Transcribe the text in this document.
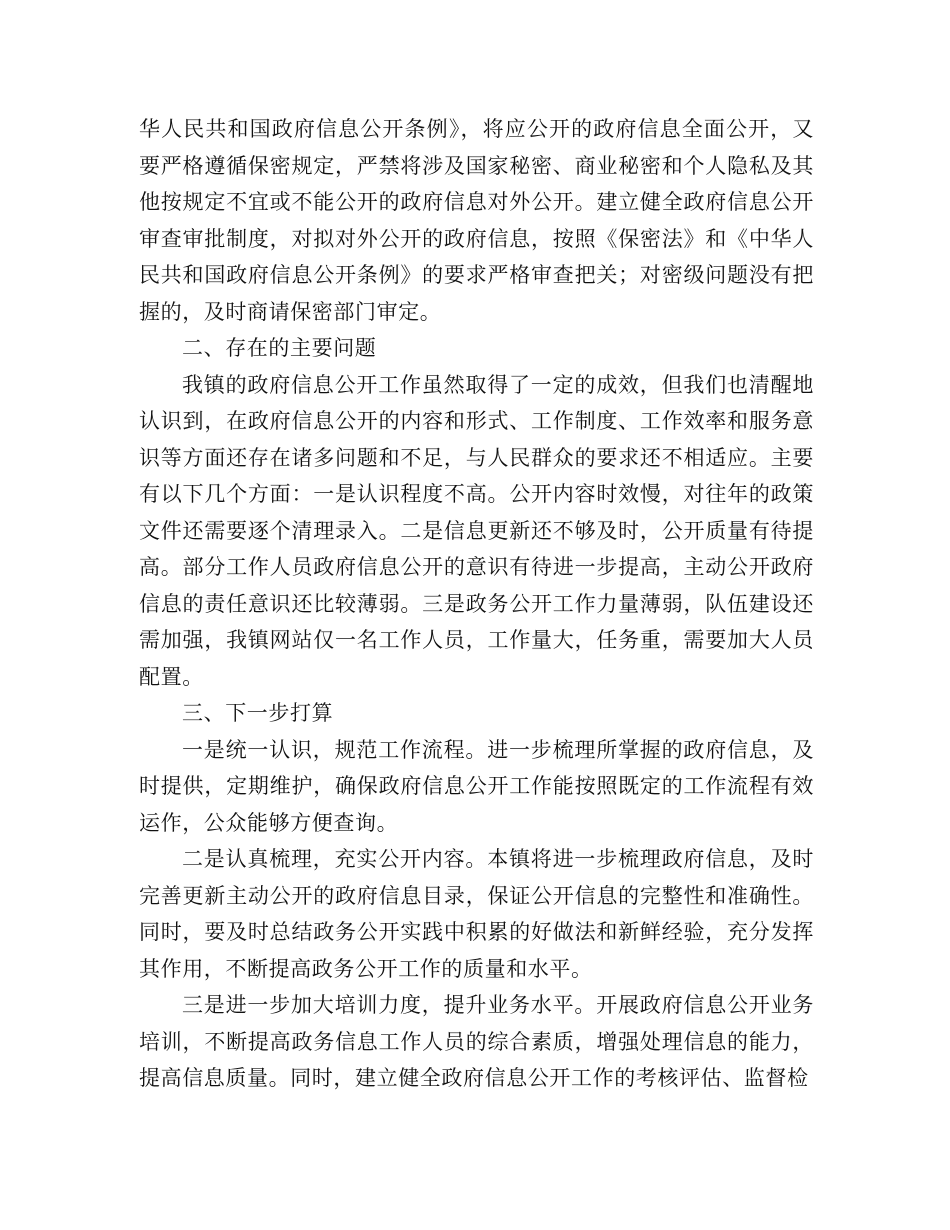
华人民共和国政府信息公开条例》，将应公开的政府信息全面公开，又要严格遵循保密规定，严禁将涉及国家秘密、商业秘密和个人隐私及其他按规定不宜或不能公开的政府信息对外公开。建立健全政府信息公开审查审批制度，对拟对外公开的政府信息，按照《保密法》和《中华人民共和国政府信息公开条例》的要求严格审查把关；对密级问题没有把握的，及时商请保密部门审定。

二、存在的主要问题

我镇的政府信息公开工作虽然取得了一定的成效，但我们也清醒地认识到，在政府信息公开的内容和形式、工作制度、工作效率和服务意识等方面还存在诸多问题和不足，与人民群众的要求还不相适应。主要有以下几个方面：一是认识程度不高。公开内容时效慢，对往年的政策文件还需要逐个清理录入。二是信息更新还不够及时，公开质量有待提高。部分工作人员政府信息公开的意识有待进一步提高，主动公开政府信息的责任意识还比较薄弱。三是政务公开工作力量薄弱，队伍建设还需加强，我镇网站仅一名工作人员，工作量大，任务重，需要加大人员配置。

三、下一步打算

一是统一认识，规范工作流程。进一步梳理所掌握的政府信息，及时提供，定期维护，确保政府信息公开工作能按照既定的工作流程有效运作，公众能够方便查询。

二是认真梳理，充实公开内容。本镇将进一步梳理政府信息，及时完善更新主动公开的政府信息目录，保证公开信息的完整性和准确性。同时，要及时总结政务公开实践中积累的好做法和新鲜经验，充分发挥其作用，不断提高政务公开工作的质量和水平。

三是进一步加大培训力度，提升业务水平。开展政府信息公开业务培训，不断提高政务信息工作人员的综合素质，增强处理信息的能力，提高信息质量。同时，建立健全政府信息公开工作的考核评估、监督检
